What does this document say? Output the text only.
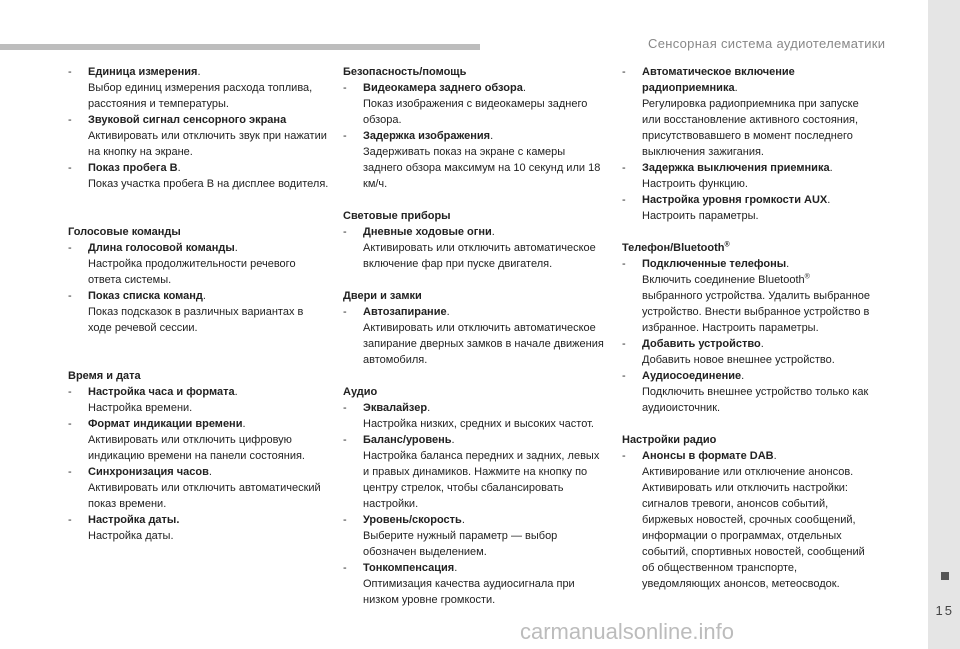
Сенсорная система аудиотелематики
15
carmanualsonline.info
- Единица измерения.
Выбор единиц измерения расхода топлива, расстояния и температуры.
- Звуковой сигнал сенсорного экрана
Активировать или отключить звук при нажатии на кнопку на экране.
- Показ пробега В.
Показ участка пробега В на дисплее водителя.

Голосовые команды

- Длина голосовой команды.
Настройка продолжительности речевого ответа системы.
- Показ списка команд.
Показ подсказок в различных вариантах в ходе речевой сессии.

Время и дата

- Настройка часа и формата.
Настройка времени.
- Формат индикации времени.
Активировать или отключить цифровую индикацию времени на панели состояния.
- Синхронизация часов.
Активировать или отключить автоматический показ времени.
- Настройка даты.
Настройка даты.

Безопасность/помощь

- Видеокамера заднего обзора.
Показ изображения с видеокамеры заднего обзора.
- Задержка изображения.
Задерживать показ на экране с камеры заднего обзора максимум на 10 секунд или 18 км/ч.

Световые приборы

- Дневные ходовые огни.
Активировать или отключить автоматическое включение фар при пуске двигателя.

Двери и замки

- Автозапирание.
Активировать или отключить автоматическое запирание дверных замков в начале движения автомобиля.

Аудио

- Эквалайзер.
Настройка низких, средних и высоких частот.
- Баланс/уровень.
Настройка баланса передних и задних, левых и правых динамиков. Нажмите на кнопку по центру стрелок, чтобы сбалансировать настройки.
- Уровень/скорость.
Выберите нужный параметр — выбор обозначен выделением.
- Тонкомпенсация.
Оптимизация качества аудиосигнала при низком уровне громкости.
- Автоматическое включение радиоприемника.
Регулировка радиоприемника при запуске или восстановление активного состояния, присутствовавшего в момент последнего выключения зажигания.
- Задержка выключения приемника.
Настроить функцию.
- Настройка уровня громкости AUX.
Настроить параметры.

Телефон/Bluetooth®

- Подключенные телефоны.
Включить соединение Bluetooth® выбранного устройства. Удалить выбранное устройство. Внести выбранное устройство в избранное. Настроить параметры.
- Добавить устройство.
Добавить новое внешнее устройство.
- Аудиосоединение.
Подключить внешнее устройство только как аудиоисточник.

Настройки радио

- Анонсы в формате DAB.
Активирование или отключение анонсов. Активировать или отключить настройки: сигналов тревоги, анонсов событий, биржевых новостей, срочных сообщений, информации о программах, отдельных событий, спортивных новостей, сообщений об общественном транспорте, уведомляющих анонсов, метеосводок.
